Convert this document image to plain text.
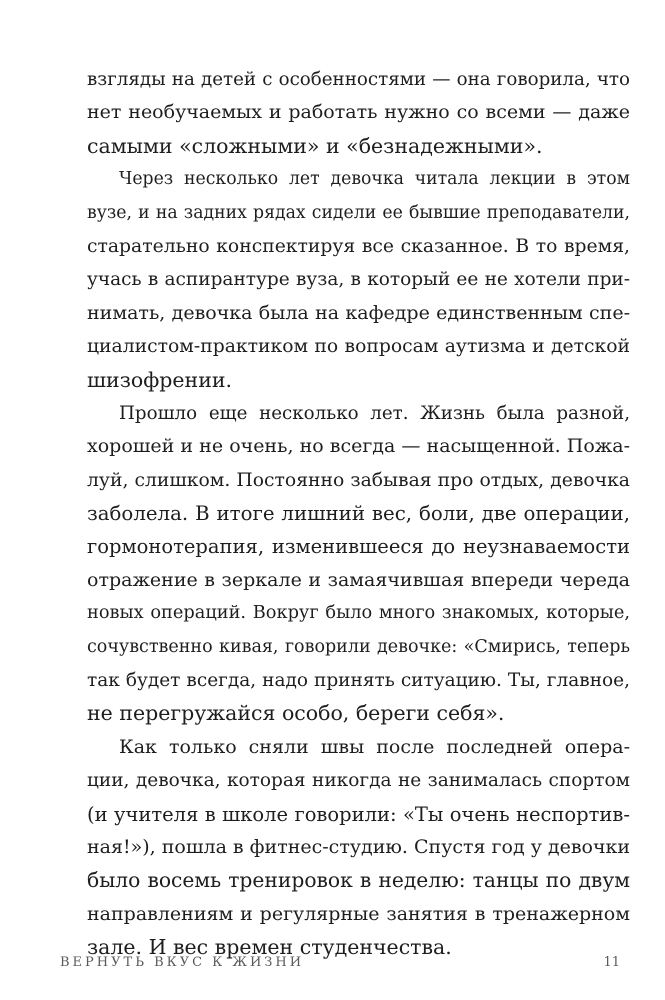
взгляды на детей с особенностями — она говорила, что
нет необучаемых и работать нужно со всеми — даже
самыми «сложными» и «безнадежными».
Через несколько лет девочка читала лекции в этом
вузе, и на задних рядах сидели ее бывшие преподаватели,
старательно конспектируя все сказанное. В то время,
учась в аспирантуре вуза, в который ее не хотели при-
нимать, девочка была на кафедре единственным спе-
циалистом-практиком по вопросам аутизма и детской
шизофрении.
Прошло еще несколько лет. Жизнь была разной,
хорошей и не очень, но всегда — насыщенной. Пожа-
луй, слишком. Постоянно забывая про отдых, девочка
заболела. В итоге лишний вес, боли, две операции,
гормонотерапия, изменившееся до неузнаваемости
отражение в зеркале и замаячившая впереди череда
новых операций. Вокруг было много знакомых, которые,
сочувственно кивая, говорили девочке: «Смирись, теперь
так будет всегда, надо принять ситуацию. Ты, главное,
не перегружайся особо, береги себя».
Как только сняли швы после последней опера-
ции, девочка, которая никогда не занималась спортом
(и учителя в школе говорили: «Ты очень неспортив-
ная!»), пошла в фитнес-студию. Спустя год у девочки
было восемь тренировок в неделю: танцы по двум
направлениям и регулярные занятия в тренажерном
зале. И вес времен студенчества.
ВЕРНУТЬ ВКУС К ЖИЗНИ	11
